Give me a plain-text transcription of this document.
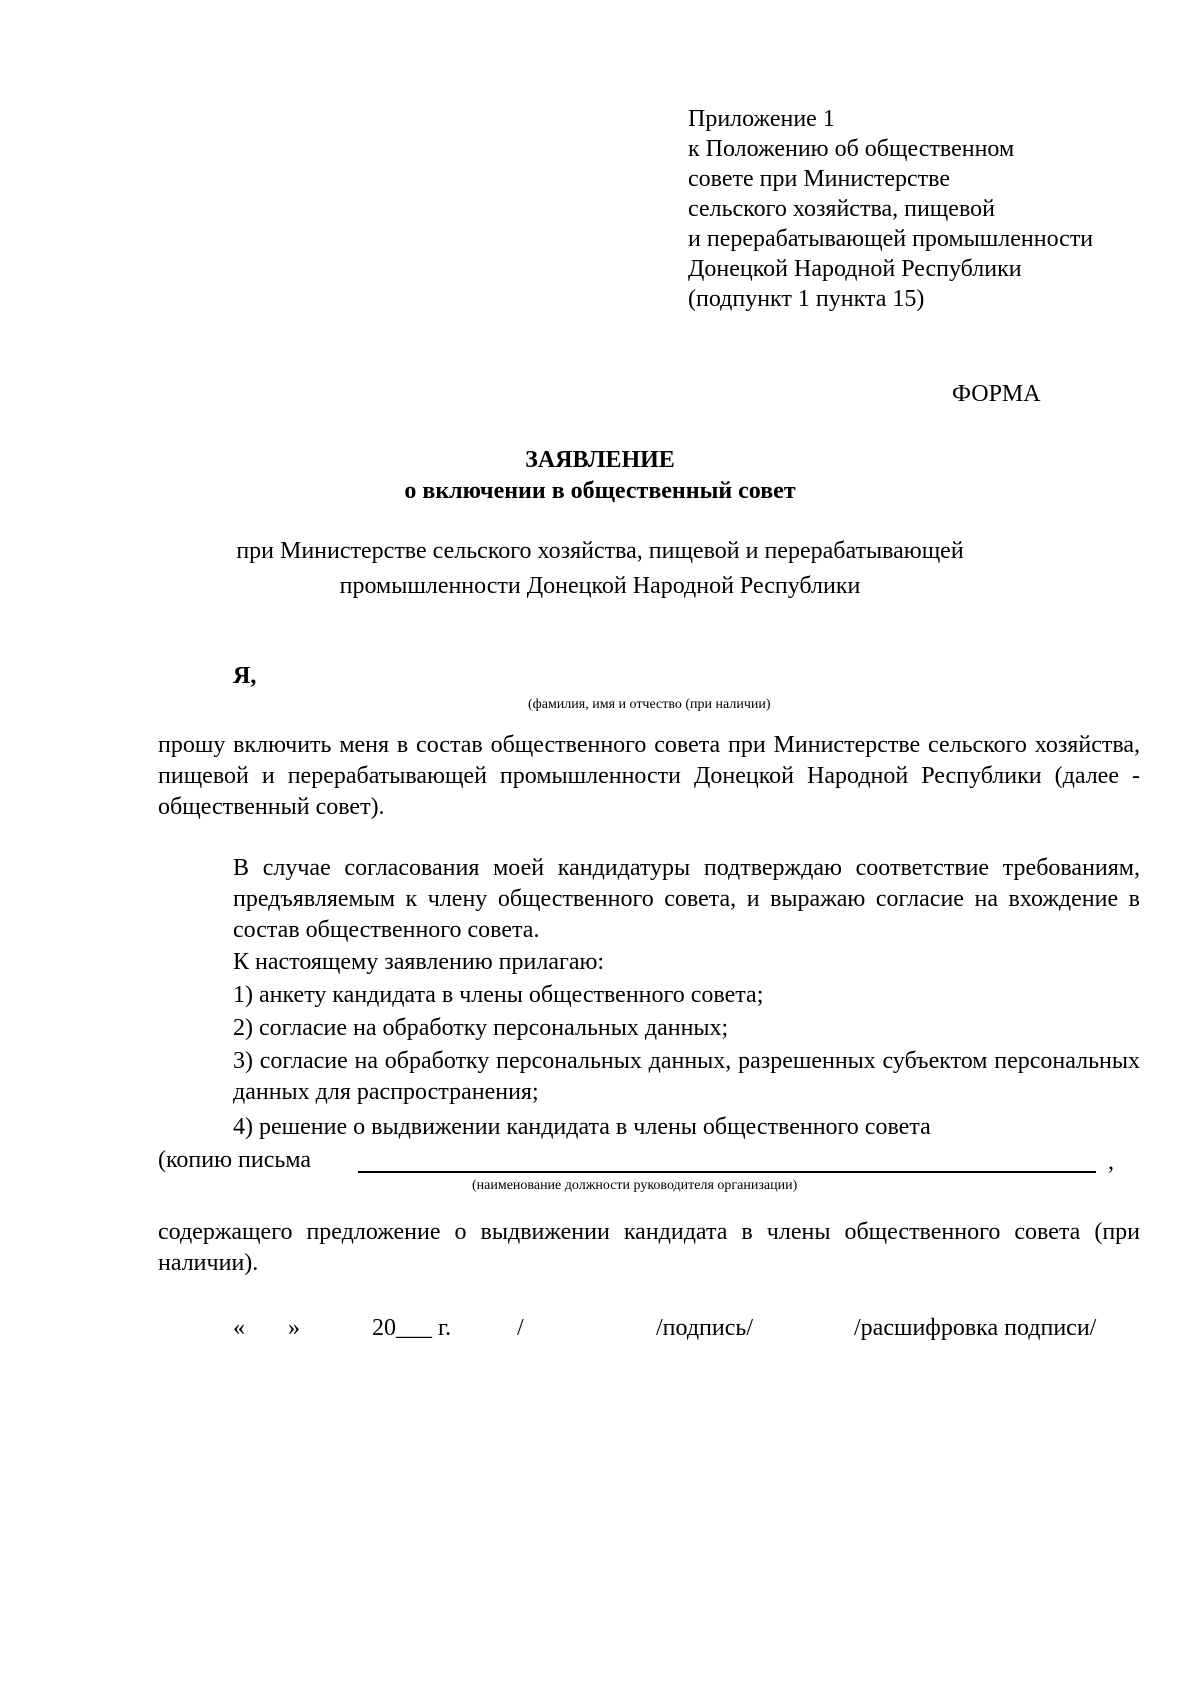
Приложение 1
к Положению об общественном
совете при Министерстве
сельского хозяйства, пищевой
и перерабатывающей промышленности
Донецкой Народной Республики
(подпункт 1 пункта 15)
ФОРМА
ЗАЯВЛЕНИЕ
о включении в общественный совет
при Министерстве сельского хозяйства, пищевой и перерабатывающей
промышленности Донецкой Народной Республики
Я,
(фамилия, имя и отчество (при наличии)
прошу включить меня в состав общественного совета при Министерстве сельского хозяйства, пищевой и перерабатывающей промышленности Донецкой Народной Республики (далее - общественный совет).
В случае согласования моей кандидатуры подтверждаю соответствие требованиям, предъявляемым к члену общественного совета, и выражаю согласие на вхождение в состав общественного совета.
К настоящему заявлению прилагаю:
1) анкету кандидата в члены общественного совета;
2) согласие на обработку персональных данных;
3) согласие на обработку персональных данных, разрешенных субъектом персональных данных для распространения;
4) решение о выдвижении кандидата в члены общественного совета
(копию письма	,
(наименование должности руководителя организации)
содержащего предложение о выдвижении кандидата в члены общественного совета (при наличии).
« »	20___ г.	/	/подпись/	/расшифровка подписи/
